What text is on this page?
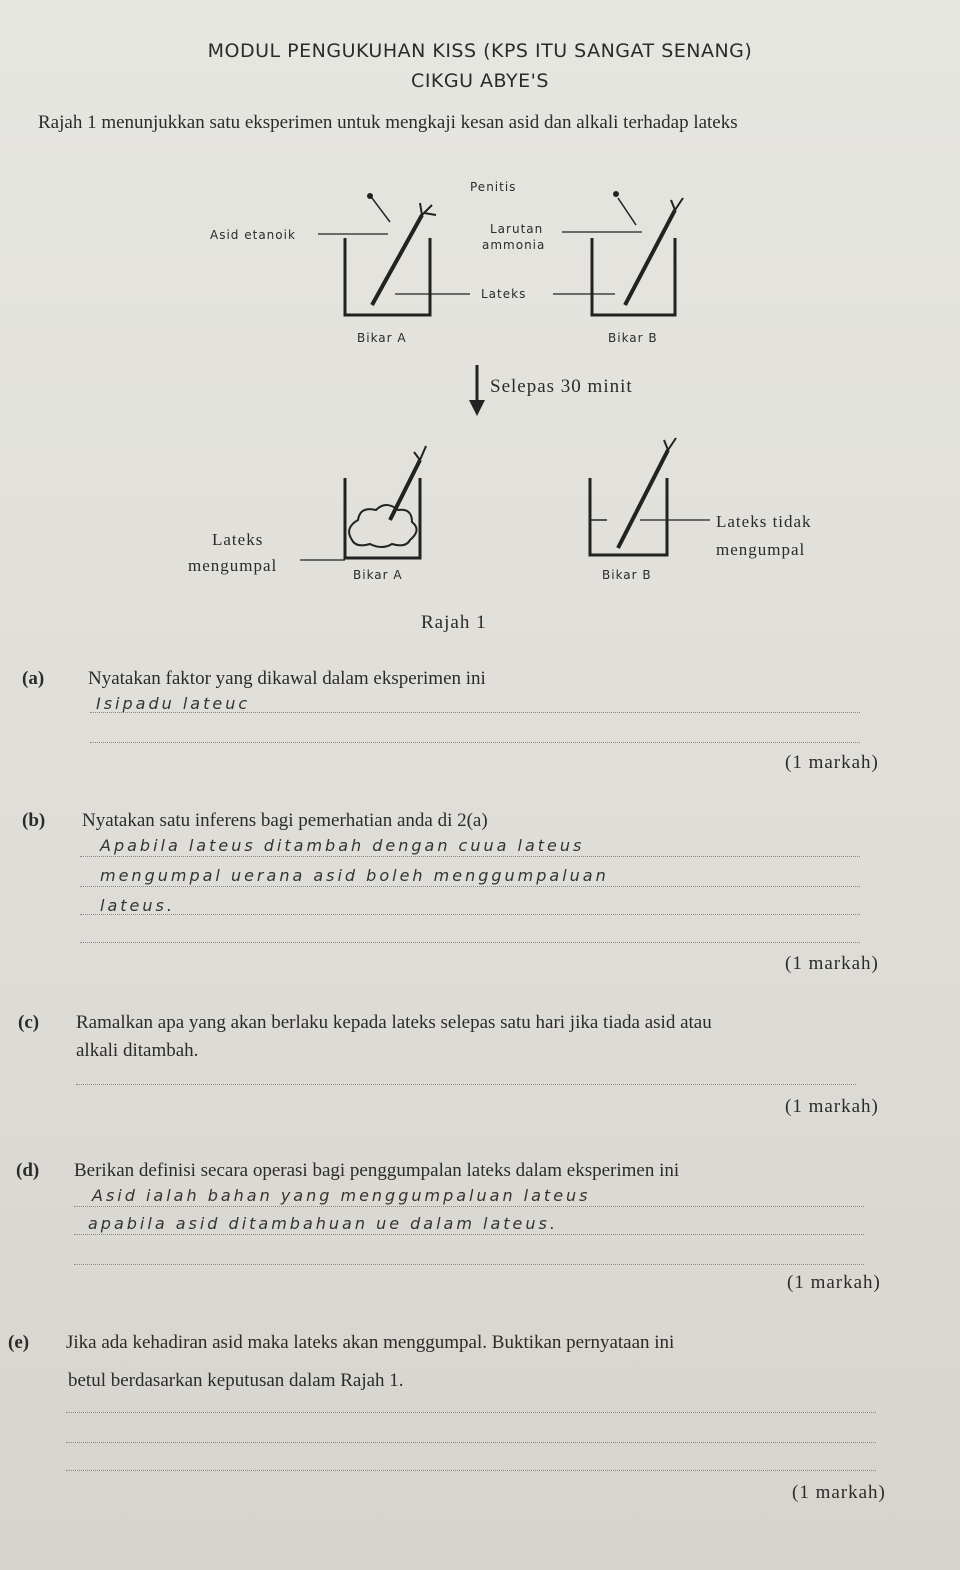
MODUL PENGUKUHAN KISS (KPS ITU SANGAT SENANG)
CIKGU ABYE'S
Rajah 1 menunjukkan satu eksperimen untuk mengkaji kesan asid dan alkali terhadap lateks
Penitis
Asid etanoik	Larutan
ammonia
Lateks
Bikar A	Bikar B
Selepas 30 minit
Lateks
mengumpal	Bikar A	Bikar B
Lateks tidak
mengumpal
Rajah 1
(a) Nyatakan faktor yang dikawal dalam eksperimen ini
Isipadu lateuc
(1 markah)
(b) Nyatakan satu inferens bagi pemerhatian anda di 2(a)
Apabila lateus ditambah dengan cuua lateus
mengumpal uerana asid boleh menggumpaluan
lateus.
(1 markah)
(c) Ramalkan apa yang akan berlaku kepada lateks selepas satu hari jika tiada asid atau
alkali ditambah.
(1 markah)
(d) Berikan definisi secara operasi bagi penggumpalan lateks dalam eksperimen ini
Asid ialah bahan yang menggumpaluan lateus
apabila asid ditambahuan ue dalam lateus.
(1 markah)
(e) Jika ada kehadiran asid maka lateks akan menggumpal. Buktikan pernyataan ini
betul berdasarkan keputusan dalam Rajah 1.
(1 markah)
